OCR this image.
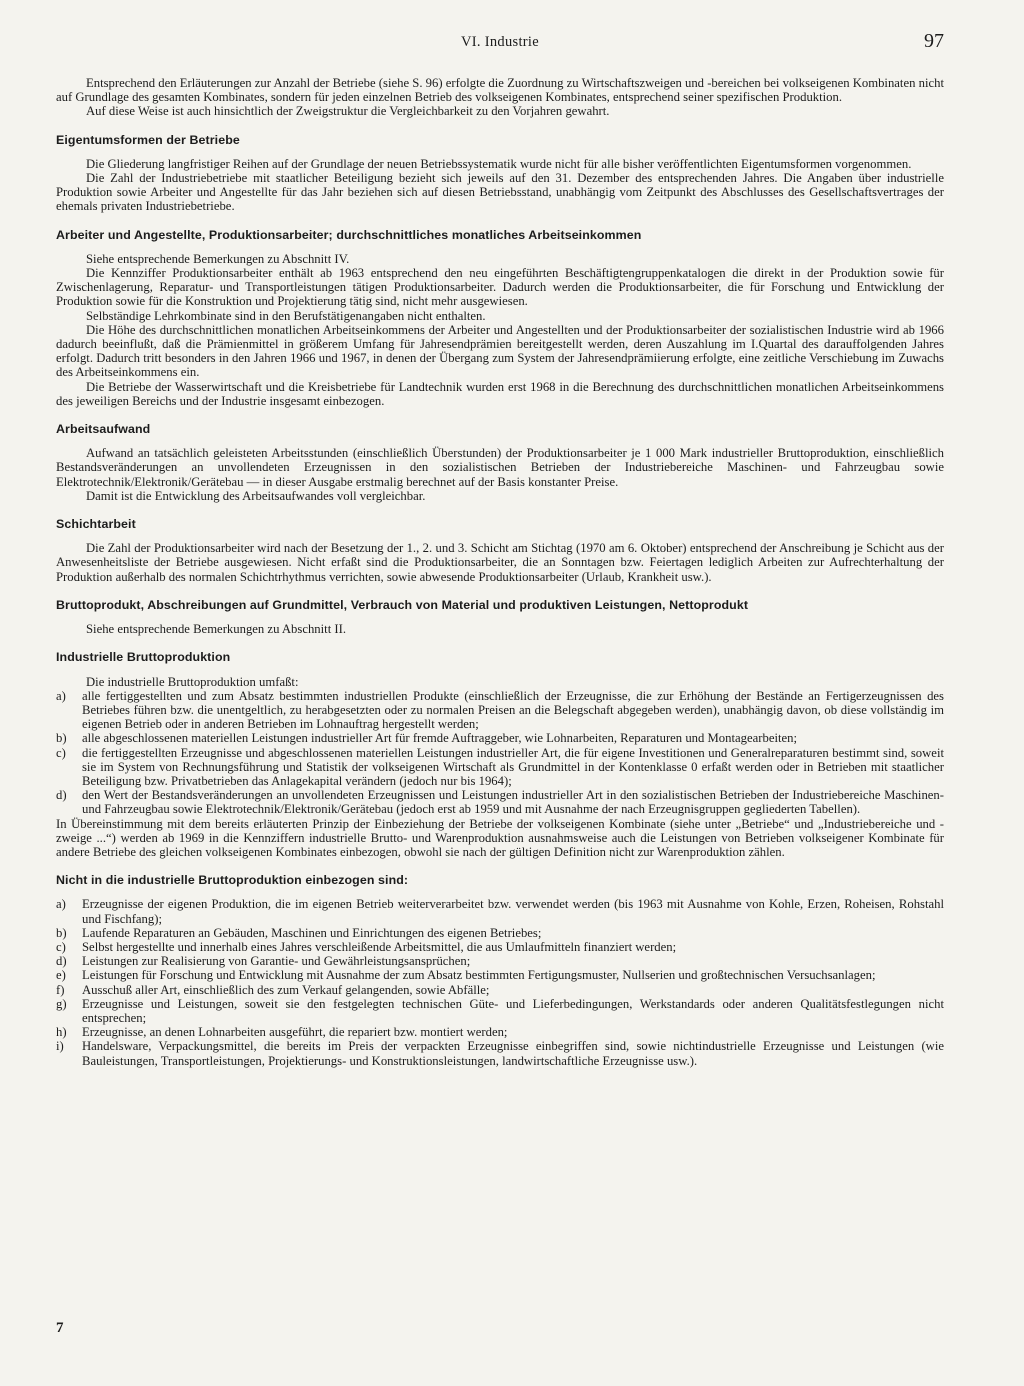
VI. Industrie	97

Entsprechend den Erläuterungen zur Anzahl der Betriebe (siehe S. 96) erfolgte die Zuordnung zu Wirtschaftszweigen und -bereichen bei volkseigenen Kombinaten nicht auf Grundlage des gesamten Kombinates, sondern für jeden einzelnen Betrieb des volkseigenen Kombinates, entsprechend seiner spezifischen Produktion.

Auf diese Weise ist auch hinsichtlich der Zweigstruktur die Vergleichbarkeit zu den Vorjahren gewahrt.

Eigentumsformen der Betriebe

Die Gliederung langfristiger Reihen auf der Grundlage der neuen Betriebssystematik wurde nicht für alle bisher veröffentlichten Eigentumsformen vorgenommen.

Die Zahl der Industriebetriebe mit staatlicher Beteiligung bezieht sich jeweils auf den 31. Dezember des entsprechenden Jahres. Die Angaben über industrielle Produktion sowie Arbeiter und Angestellte für das Jahr beziehen sich auf diesen Betriebsstand, unabhängig vom Zeitpunkt des Abschlusses des Gesellschaftsvertrages der ehemals privaten Industriebetriebe.

Arbeiter und Angestellte, Produktionsarbeiter; durchschnittliches monatliches Arbeitseinkommen

Siehe entsprechende Bemerkungen zu Abschnitt IV.

Die Kennziffer Produktionsarbeiter enthält ab 1963 entsprechend den neu eingeführten Beschäftigtengruppenkatalogen die direkt in der Produktion sowie für Zwischenlagerung, Reparatur- und Transportleistungen tätigen Produktionsarbeiter. Dadurch werden die Produktionsarbeiter, die für Forschung und Entwicklung der Produktion sowie für die Konstruktion und Projektierung tätig sind, nicht mehr ausgewiesen.

Selbständige Lehrkombinate sind in den Berufstätigenangaben nicht enthalten.

Die Höhe des durchschnittlichen monatlichen Arbeitseinkommens der Arbeiter und Angestellten und der Produktionsarbeiter der sozialistischen Industrie wird ab 1966 dadurch beeinflußt, daß die Prämienmittel in größerem Umfang für Jahresendprämien bereitgestellt werden, deren Auszahlung im I.Quartal des darauffolgenden Jahres erfolgt. Dadurch tritt besonders in den Jahren 1966 und 1967, in denen der Übergang zum System der Jahresendprämiierung erfolgte, eine zeitliche Verschiebung im Zuwachs des Arbeitseinkommens ein.

Die Betriebe der Wasserwirtschaft und die Kreisbetriebe für Landtechnik wurden erst 1968 in die Berechnung des durchschnittlichen monatlichen Arbeitseinkommens des jeweiligen Bereichs und der Industrie insgesamt einbezogen.

Arbeitsaufwand

Aufwand an tatsächlich geleisteten Arbeitsstunden (einschließlich Überstunden) der Produktionsarbeiter je 1 000 Mark industrieller Bruttoproduktion, einschließlich Bestandsveränderungen an unvollendeten Erzeugnissen in den sozialistischen Betrieben der Industriebereiche Maschinen- und Fahrzeugbau sowie Elektrotechnik/Elektronik/Gerätebau — in dieser Ausgabe erstmalig berechnet auf der Basis konstanter Preise.

Damit ist die Entwicklung des Arbeitsaufwandes voll vergleichbar.

Schichtarbeit

Die Zahl der Produktionsarbeiter wird nach der Besetzung der 1., 2. und 3. Schicht am Stichtag (1970 am 6. Oktober) entsprechend der Anschreibung je Schicht aus der Anwesenheitsliste der Betriebe ausgewiesen. Nicht erfaßt sind die Produktionsarbeiter, die an Sonntagen bzw. Feiertagen lediglich Arbeiten zur Aufrechterhaltung der Produktion außerhalb des normalen Schichtrhythmus verrichten, sowie abwesende Produktionsarbeiter (Urlaub, Krankheit usw.).

Bruttoprodukt, Abschreibungen auf Grundmittel, Verbrauch von Material und produktiven Leistungen, Nettoprodukt

Siehe entsprechende Bemerkungen zu Abschnitt II.

Industrielle Bruttoproduktion

Die industrielle Bruttoproduktion umfaßt:

a)	alle fertiggestellten und zum Absatz bestimmten industriellen Produkte (einschließlich der Erzeugnisse, die zur Erhöhung der Bestände an Fertigerzeugnissen des Betriebes führen bzw. die unentgeltlich, zu herabgesetzten oder zu normalen Preisen an die Belegschaft abgegeben werden), unabhängig davon, ob diese vollständig im eigenen Betrieb oder in anderen Betrieben im Lohnauftrag hergestellt werden;
b)	alle abgeschlossenen materiellen Leistungen industrieller Art für fremde Auftraggeber, wie Lohnarbeiten, Reparaturen und Montagearbeiten;
c)	die fertiggestellten Erzeugnisse und abgeschlossenen materiellen Leistungen industrieller Art, die für eigene Investitionen und Generalreparaturen bestimmt sind, soweit sie im System von Rechnungsführung und Statistik der volkseigenen Wirtschaft als Grundmittel in der Kontenklasse 0 erfaßt werden oder in Betrieben mit staatlicher Beteiligung bzw. Privatbetrieben das Anlagekapital verändern (jedoch nur bis 1964);
d)	den Wert der Bestandsveränderungen an unvollendeten Erzeugnissen und Leistungen industrieller Art in den sozialistischen Betrieben der Industriebereiche Maschinen- und Fahrzeugbau sowie Elektrotechnik/Elektronik/Gerätebau (jedoch erst ab 1959 und mit Ausnahme der nach Erzeugnisgruppen gegliederten Tabellen).

In Übereinstimmung mit dem bereits erläuterten Prinzip der Einbeziehung der Betriebe der volkseigenen Kombinate (siehe unter „Betriebe“ und „Industriebereiche und -zweige ...“) werden ab 1969 in die Kennziffern industrielle Brutto- und Warenproduktion ausnahmsweise auch die Leistungen von Betrieben volkseigener Kombinate für andere Betriebe des gleichen volkseigenen Kombinates einbezogen, obwohl sie nach der gültigen Definition nicht zur Warenproduktion zählen.

Nicht in die industrielle Bruttoproduktion einbezogen sind:
a)	Erzeugnisse der eigenen Produktion, die im eigenen Betrieb weiterverarbeitet bzw. verwendet werden (bis 1963 mit Ausnahme von Kohle, Erzen, Roheisen, Rohstahl und Fischfang);
b)	Laufende Reparaturen an Gebäuden, Maschinen und Einrichtungen des eigenen Betriebes;
c)	Selbst hergestellte und innerhalb eines Jahres verschleißende Arbeitsmittel, die aus Umlaufmitteln finanziert werden;
d)	Leistungen zur Realisierung von Garantie- und Gewährleistungsansprüchen;
e)	Leistungen für Forschung und Entwicklung mit Ausnahme der zum Absatz bestimmten Fertigungsmuster, Nullserien und großtechnischen Versuchsanlagen;
f)	Ausschuß aller Art, einschließlich des zum Verkauf gelangenden, sowie Abfälle;
g)	Erzeugnisse und Leistungen, soweit sie den festgelegten technischen Güte- und Lieferbedingungen, Werkstandards oder anderen Qualitätsfestlegungen nicht entsprechen;
h)	Erzeugnisse, an denen Lohnarbeiten ausgeführt, die repariert bzw. montiert werden;
i)	Handelsware, Verpackungsmittel, die bereits im Preis der verpackten Erzeugnisse einbegriffen sind, sowie nichtindustrielle Erzeugnisse und Leistungen (wie Bauleistungen, Transportleistungen, Projektierungs- und Konstruktionsleistungen, landwirtschaftliche Erzeugnisse usw.).
7
